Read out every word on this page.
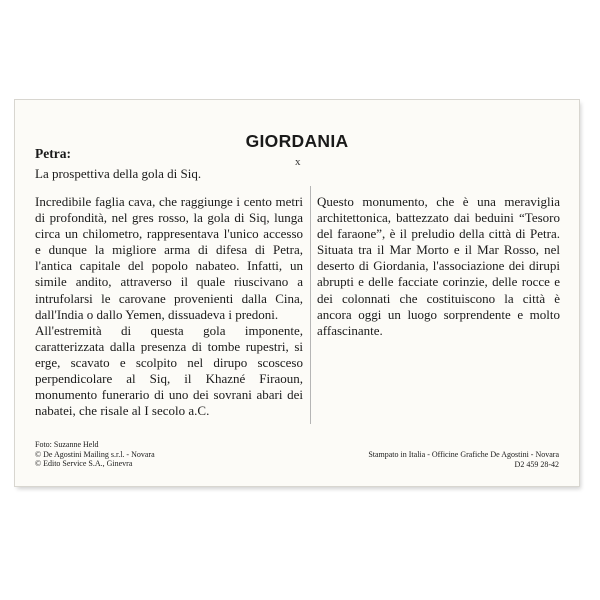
GIORDANIA
x
Petra:
La prospettiva della gola di Siq.

Incredibile faglia cava, che raggiunge i cento metri di profondità, nel gres rosso, la gola di Siq, lunga circa un chilometro, rappresentava l'unico accesso e dunque la migliore arma di difesa di Petra, l'antica capitale del popolo nabateo. Infatti, un simile andito, attraverso il quale riuscivano a intrufolarsi le carovane provenienti dalla Cina, dall'India o dallo Yemen, dissuadeva i predoni.

All'estremità di questa gola imponente, caratterizzata dalla presenza di tombe rupestri, si erge, scavato e scolpito nel dirupo scosceso perpendicolare al Siq, il Khazné Firaoun, monumento funerario di uno dei sovrani abari dei nabatei, che risale al I secolo a.C.

Questo monumento, che è una meraviglia architettonica, battezzato dai beduini “Tesoro del faraone”, è il preludio della città di Petra. Situata tra il Mar Morto e il Mar Rosso, nel deserto di Giordania, l'associazione dei dirupi abrupti e delle facciate corinzie, delle rocce e dei colonnati che costituiscono la città è ancora oggi un luogo sorprendente e molto affascinante.

Foto: Suzanne Held
© De Agostini Mailing s.r.l. - Novara
© Edito Service S.A., Ginevra
Stampato in Italia - Officine Grafiche De Agostini - Novara
D2 459 28-42
